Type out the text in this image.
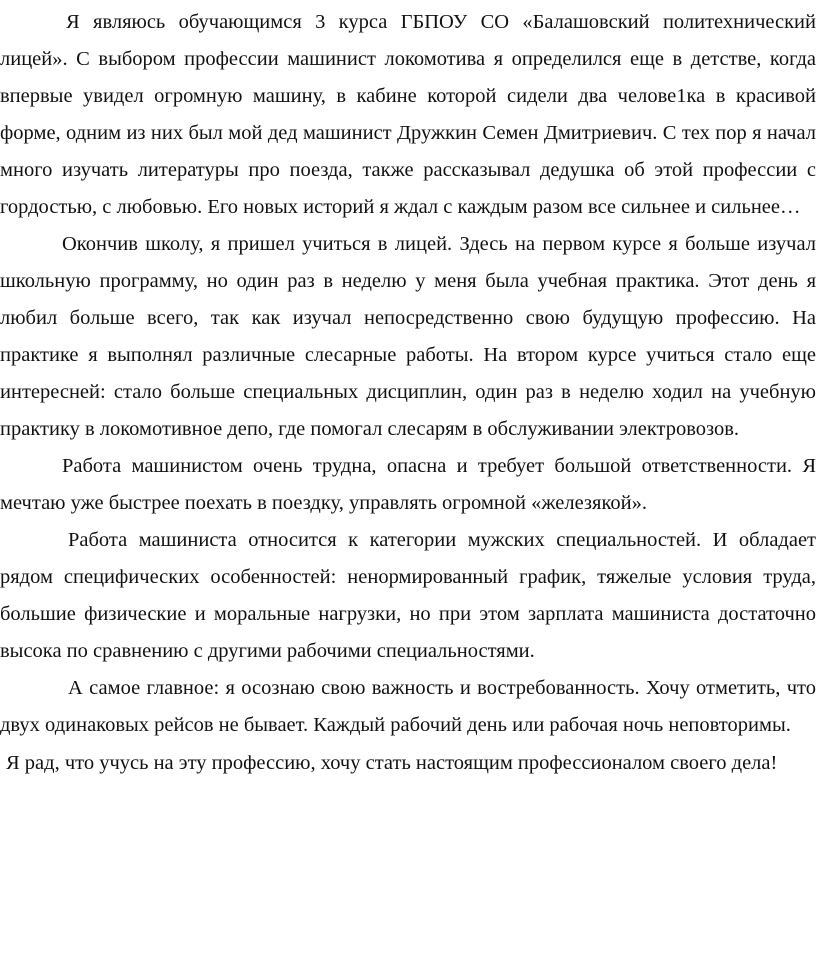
Я являюсь обучающимся 3 курса ГБПОУ СО «Балашовский политехнический лицей». С выбором профессии машинист локомотива я определился еще в детстве, когда впервые увидел огромную машину, в кабине которой сидели два челове1ка в красивой форме, одним из них был мой дед машинист Дружкин Семен Дмитриевич. С тех пор я начал много изучать литературы про поезда, также рассказывал дедушка об этой профессии с гордостью, с любовью. Его новых историй я ждал с каждым разом все сильнее и сильнее…

Окончив школу, я пришел учиться в лицей. Здесь на первом курсе я больше изучал школьную программу, но один раз в неделю у меня была учебная практика. Этот день я любил больше всего, так как изучал непосредственно свою будущую профессию. На практике я выполнял различные слесарные работы. На втором курсе учиться стало еще интересней: стало больше специальных дисциплин, один раз в неделю ходил на учебную практику в локомотивное депо, где помогал слесарям в обслуживании электровозов.

Работа машинистом очень трудна, опасна и требует большой ответственности. Я мечтаю уже быстрее поехать в поездку, управлять огромной «железякой».

Работа машиниста относится к категории мужских специальностей. И обладает рядом специфических особенностей: ненормированный график, тяжелые условия труда, большие физические и моральные нагрузки, но при этом зарплата машиниста достаточно высока по сравнению с другими рабочими специальностями.

А самое главное: я осознаю свою важность и востребованность. Хочу отметить, что двух одинаковых рейсов не бывает. Каждый рабочий день или рабочая ночь неповторимы.

Я рад, что учусь на эту профессию, хочу стать настоящим профессионалом своего дела!
